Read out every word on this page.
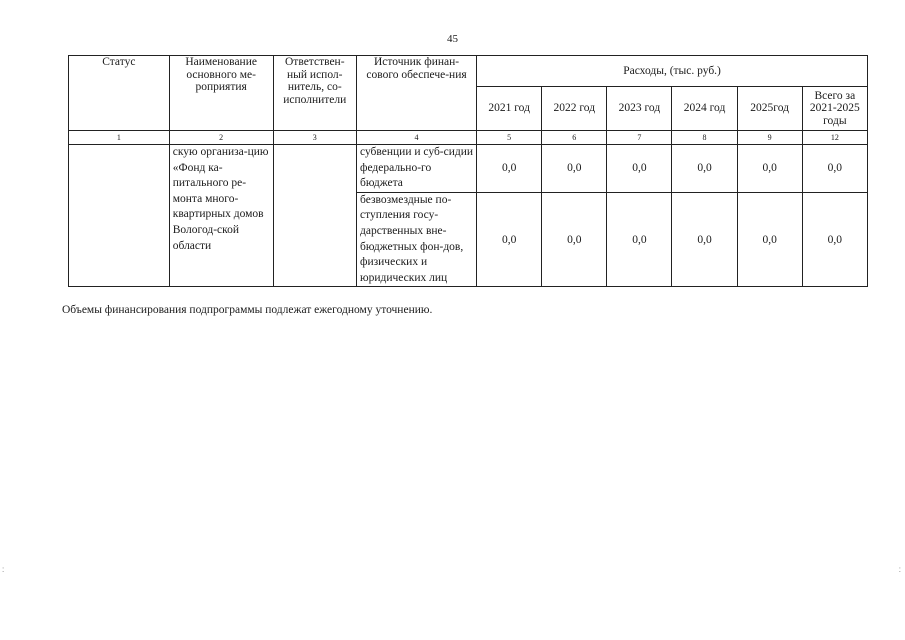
45
Статус	Наименование основного ме-роприятия	Ответствен-ный испол-нитель, со-исполнители	Источник финан-сового обеспече-ния	Расходы, (тыс. руб.)					
				2021 год	2022 год	2023 год	2024 год	2025год	Всего за 2021-2025 годы
1	2	3	4	5	6	7	8	9	12
	скую организа-цию «Фонд ка-питального ре-монта много-квартирных домов Вологод-ской области		субвенции и суб-сидии федерально-го бюджета	0,0	0,0	0,0	0,0	0,0	0,0
			безвозмездные по-ступления госу-дарственных вне-бюджетных фон-дов, физических и юридических лиц	0,0	0,0	0,0	0,0	0,0	0,0
Объемы финансирования подпрограммы подлежат ежегодному уточнению.
:	:
